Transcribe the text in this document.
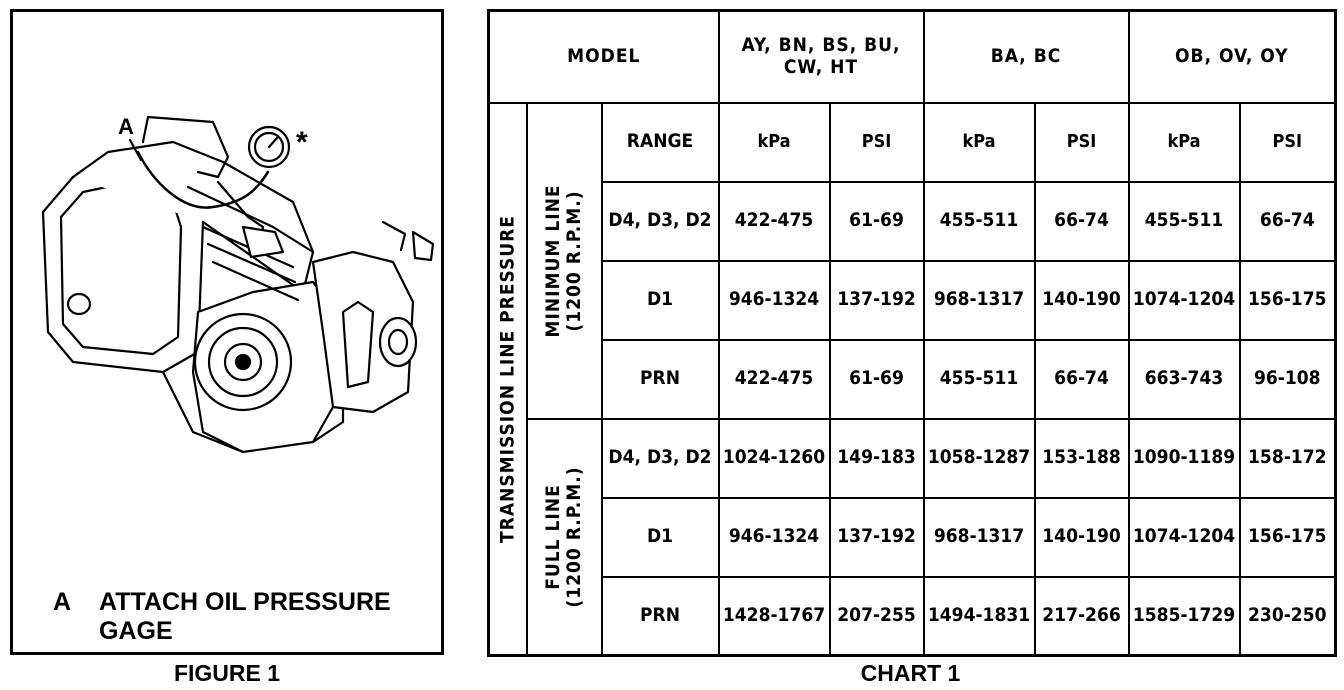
A	*
A ATTACH OIL PRESSURE GAGE
FIGURE 1
MODEL			AY, BN, BS, BU, CW, HT		BA, BC		OB, OV, OY	

TRANSMISSION LINE PRESSURE	MINIMUM LINE
(1200 R.P.M.)	RANGE	kPa	PSI	kPa	PSI	kPa	PSI
		D4, D3, D2	422-475	61-69	455-511	66-74	455-511	66-74
		D1	946-1324	137-192	968-1317	140-190	1074-1204	156-175
		PRN	422-475	61-69	455-511	66-74	663-743	96-108

	FULL LINE
(1200 R.P.M.)	D4, D3, D2	1024-1260	149-183	1058-1287	153-188	1090-1189	158-172
		D1	946-1324	137-192	968-1317	140-190	1074-1204	156-175
		PRN	1428-1767	207-255	1494-1831	217-266	1585-1729	230-250
CHART 1
